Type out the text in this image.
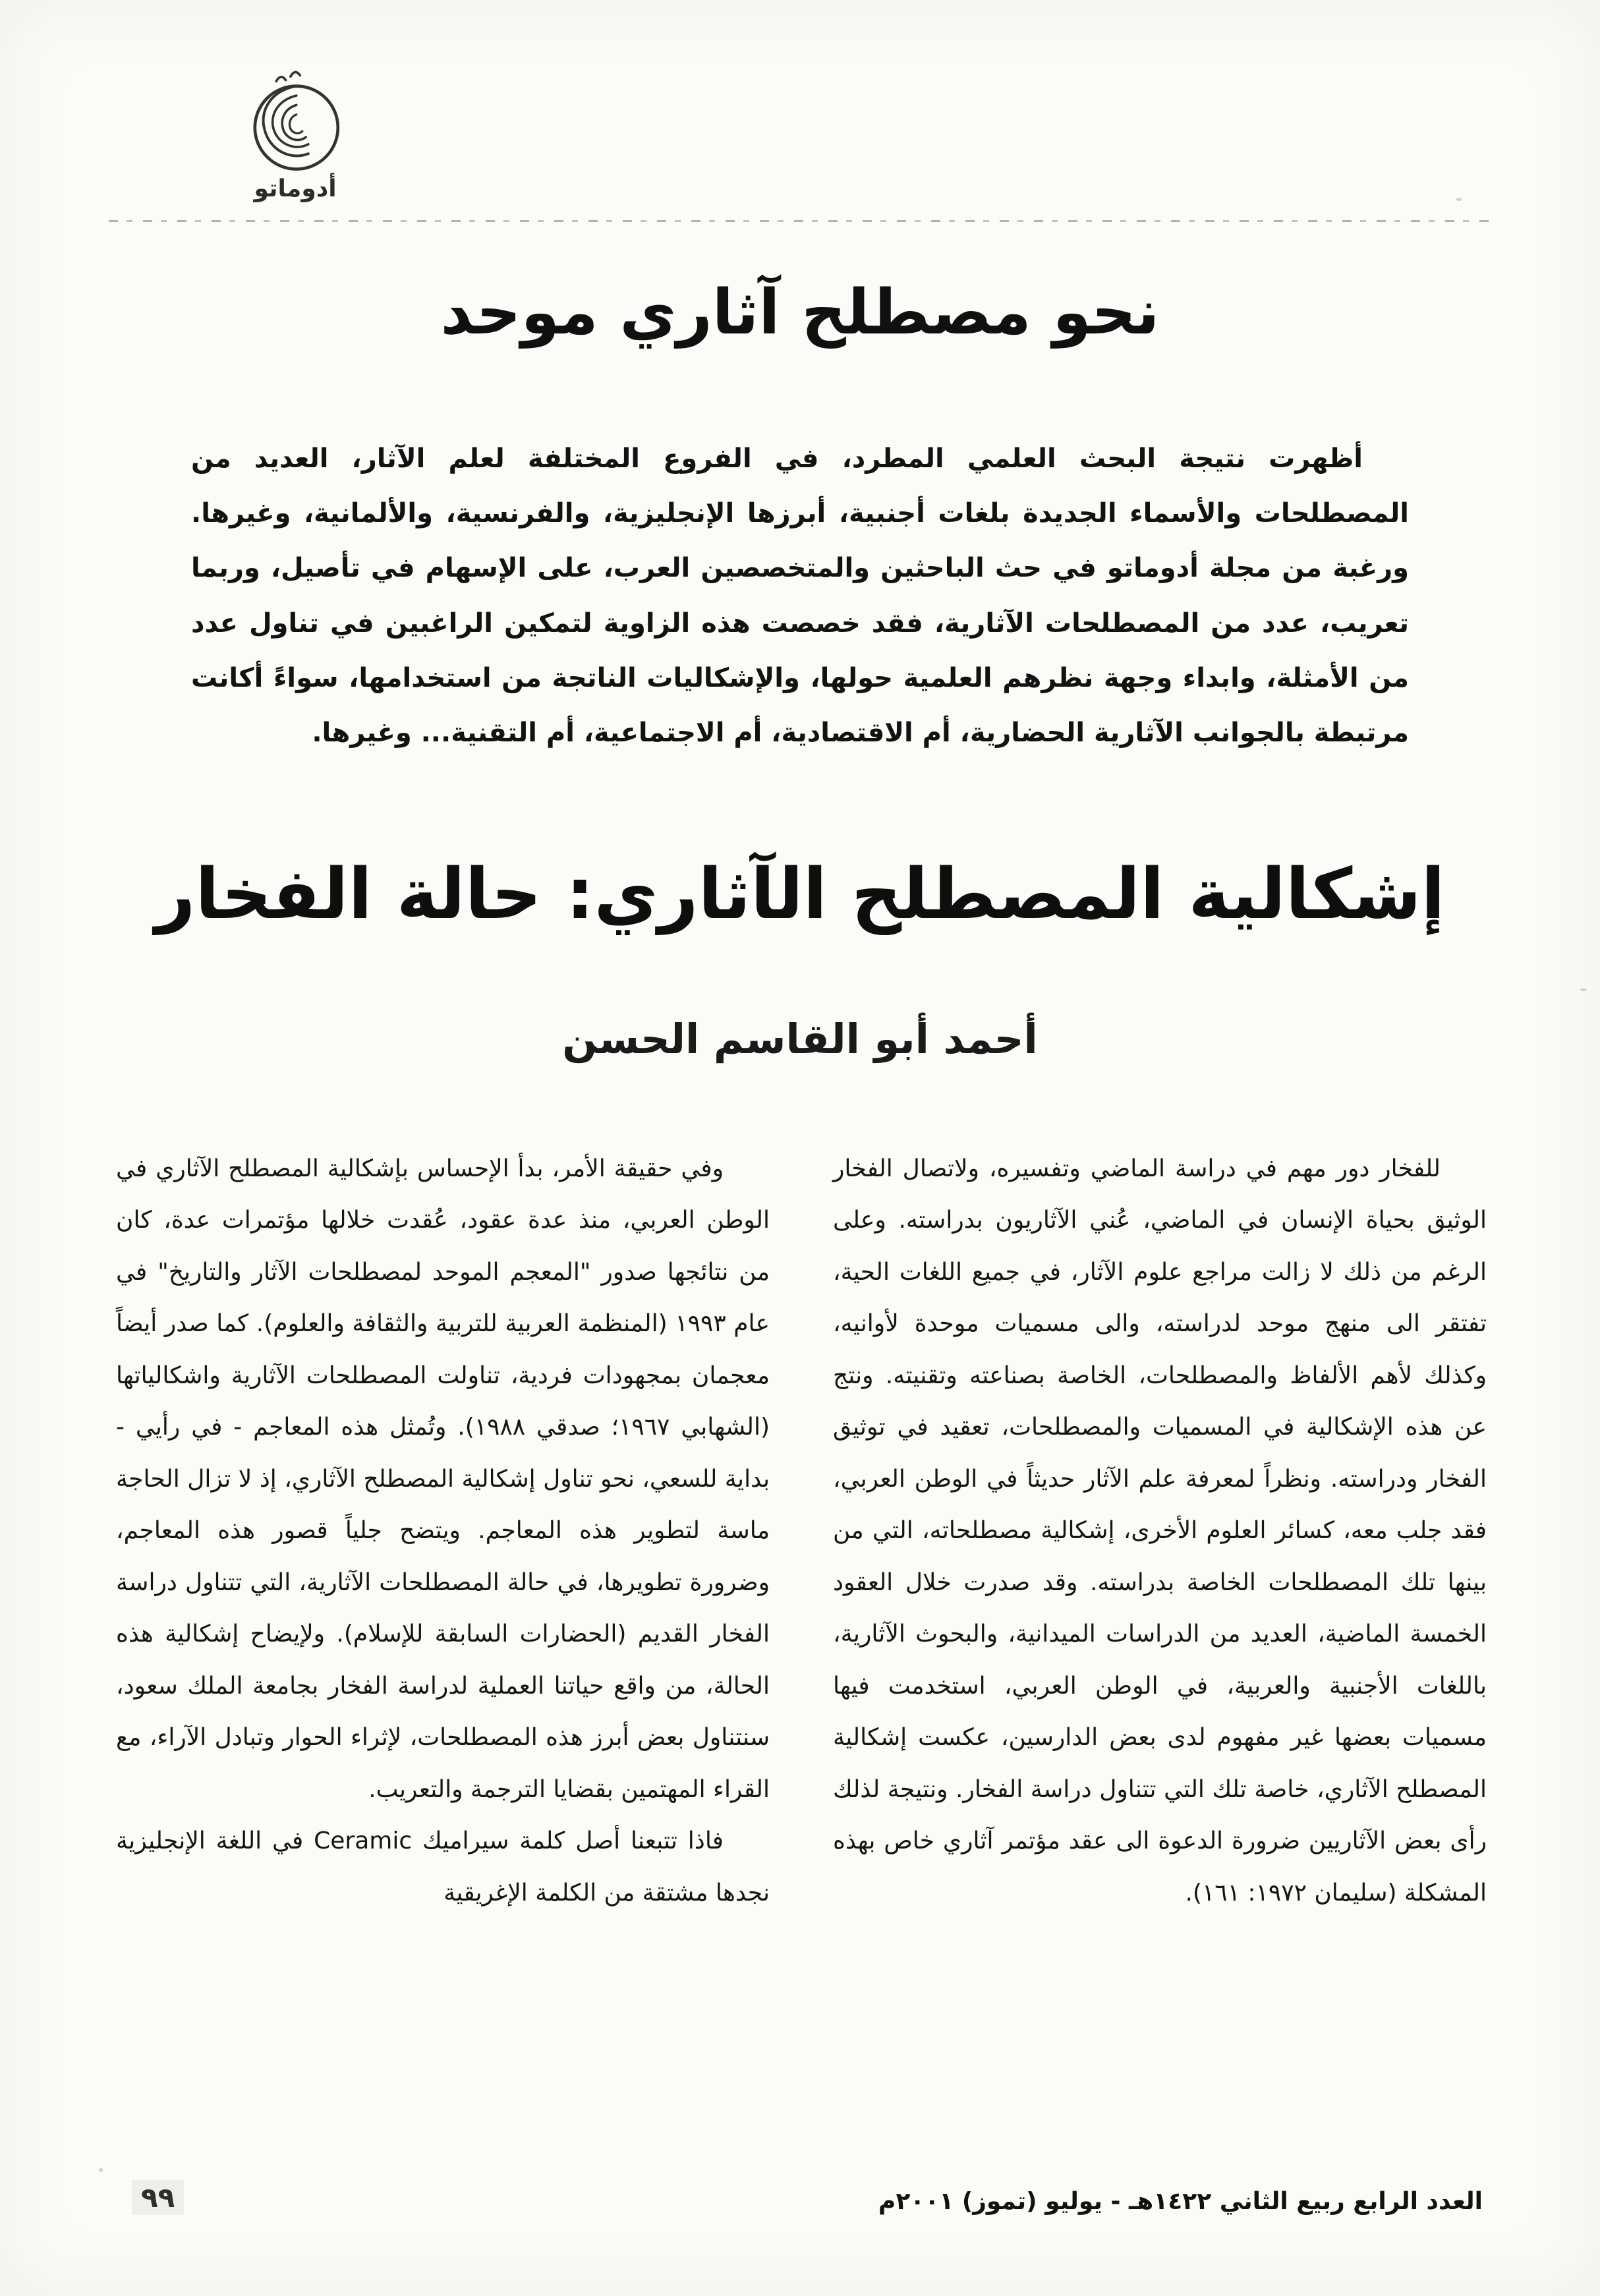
أدوماتو
نحو مصطلح آثاري موحد

أظهرت نتيجة البحث العلمي المطرد، في الفروع المختلفة لعلم الآثار، العديد من المصطلحات والأسماء الجديدة بلغات أجنبية، أبرزها الإنجليزية، والفرنسية، والألمانية، وغيرها. ورغبة من مجلة أدوماتو في حث الباحثين والمتخصصين العرب، على الإسهام في تأصيل، وربما تعريب، عدد من المصطلحات الآثارية، فقد خصصت هذه الزاوية لتمكين الراغبين في تناول عدد من الأمثلة، وابداء وجهة نظرهم العلمية حولها، والإشكاليات الناتجة من استخدامها، سواءً أكانت مرتبطة بالجوانب الآثارية الحضارية، أم الاقتصادية، أم الاجتماعية، أم التقنية... وغيرها.

إشكالية المصطلح الآثاري: حالة الفخار
أحمد أبو القاسم الحسن

للفخار دور مهم في دراسة الماضي وتفسيره، ولاتصال الفخار الوثيق بحياة الإنسان في الماضي، عُني الآثاريون بدراسته. وعلى الرغم من ذلك لا زالت مراجع علوم الآثار، في جميع اللغات الحية، تفتقر الى منهج موحد لدراسته، والى مسميات موحدة لأوانيه، وكذلك لأهم الألفاظ والمصطلحات، الخاصة بصناعته وتقنيته. ونتج عن هذه الإشكالية في المسميات والمصطلحات، تعقيد في توثيق الفخار ودراسته. ونظراً لمعرفة علم الآثار حديثاً في الوطن العربي، فقد جلب معه، كسائر العلوم الأخرى، إشكالية مصطلحاته، التي من بينها تلك المصطلحات الخاصة بدراسته. وقد صدرت خلال العقود الخمسة الماضية، العديد من الدراسات الميدانية، والبحوث الآثارية، باللغات الأجنبية والعربية، في الوطن العربي، استخدمت فيها مسميات بعضها غير مفهوم لدى بعض الدارسين، عكست إشكالية المصطلح الآثاري، خاصة تلك التي تتناول دراسة الفخار. ونتيجة لذلك رأى بعض الآثاريين ضرورة الدعوة الى عقد مؤتمر آثاري خاص بهذه المشكلة (سليمان ١٩٧٢: ١٦١).

وفي حقيقة الأمر، بدأ الإحساس بإشكالية المصطلح الآثاري في الوطن العربي، منذ عدة عقود، عُقدت خلالها مؤتمرات عدة، كان من نتائجها صدور "المعجم الموحد لمصطلحات الآثار والتاريخ" في عام ١٩٩٣ (المنظمة العربية للتربية والثقافة والعلوم). كما صدر أيضاً معجمان بمجهودات فردية، تناولت المصطلحات الآثارية واشكالياتها (الشهابي ١٩٦٧؛ صدقي ١٩٨٨). وتُمثل هذه المعاجم - في رأيي - بداية للسعي، نحو تناول إشكالية المصطلح الآثاري، إذ لا تزال الحاجة ماسة لتطوير هذه المعاجم. ويتضح جلياً قصور هذه المعاجم، وضرورة تطويرها، في حالة المصطلحات الآثارية، التي تتناول دراسة الفخار القديم (الحضارات السابقة للإسلام). ولإيضاح إشكالية هذه الحالة، من واقع حياتنا العملية لدراسة الفخار بجامعة الملك سعود، سنتناول بعض أبرز هذه المصطلحات، لإثراء الحوار وتبادل الآراء، مع القراء المهتمين بقضايا الترجمة والتعريب.

فاذا تتبعنا أصل كلمة سيراميك Ceramic في اللغة الإنجليزية نجدها مشتقة من الكلمة الإغريقية

٩٩	العدد الرابع ربيع الثاني ١٤٢٢هـ - يوليو (تموز) ٢٠٠١م
